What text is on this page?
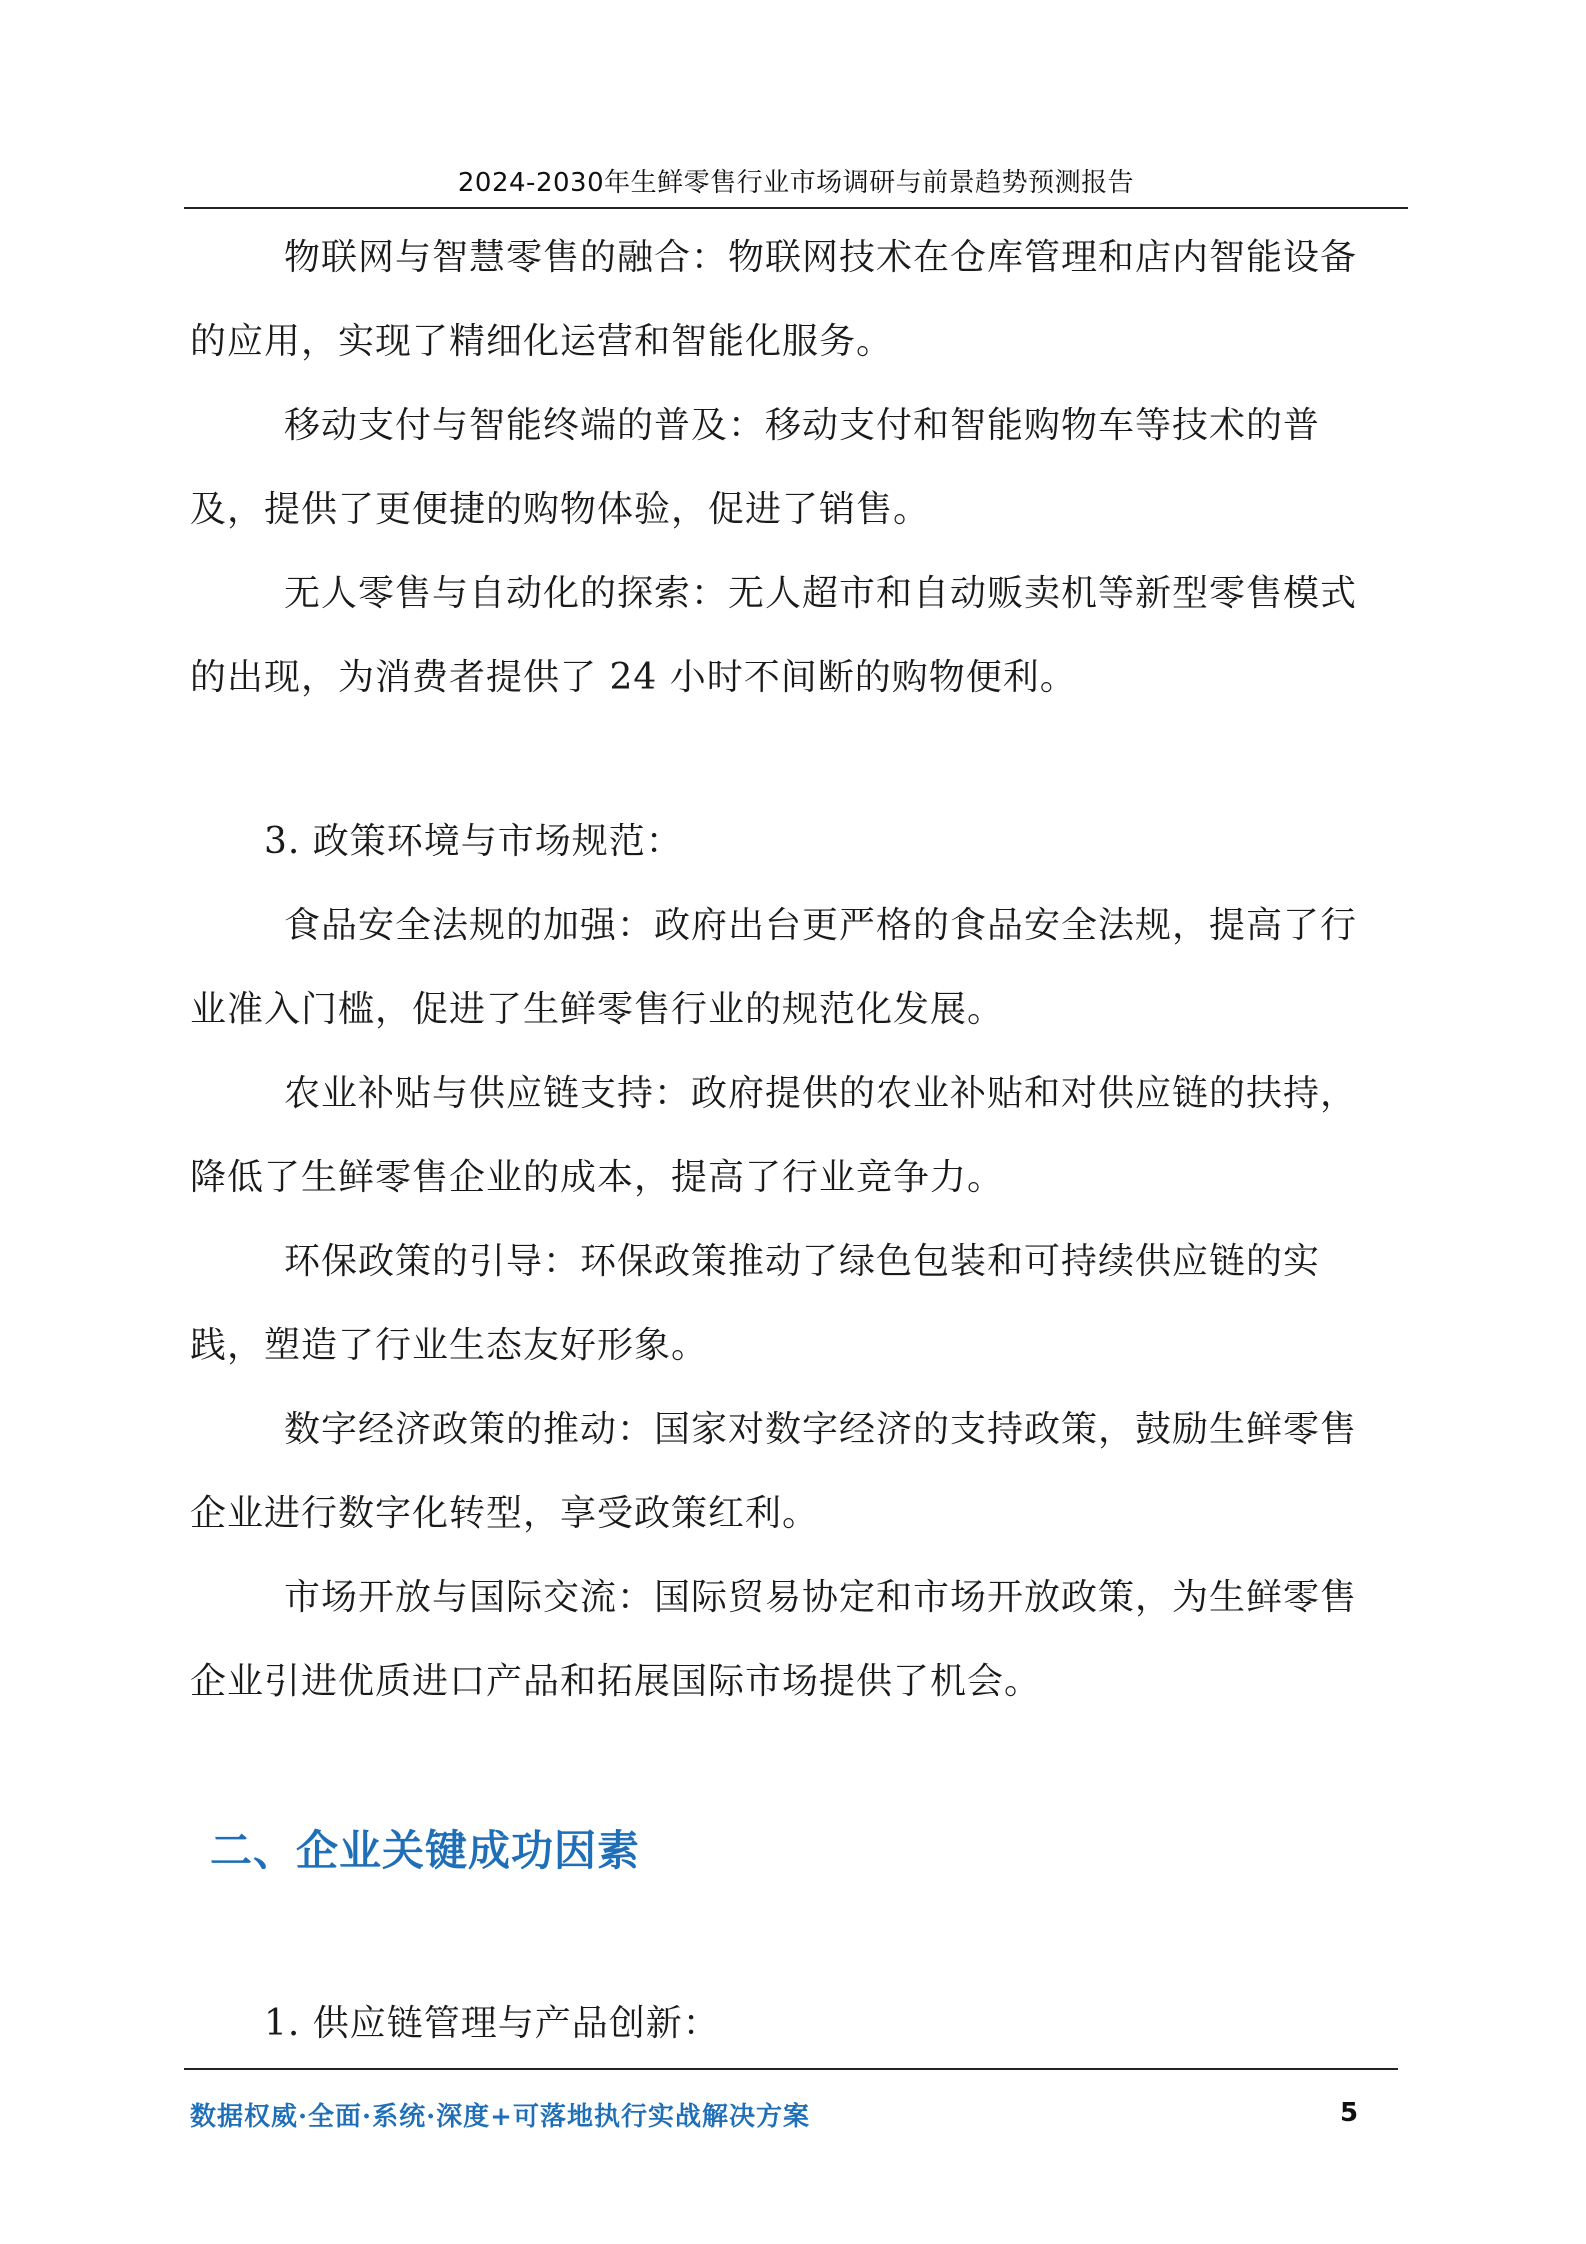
2024-2030年生鲜零售行业市场调研与前景趋势预测报告

物联网与智慧零售的融合：物联网技术在仓库管理和店内智能设备的应用，实现了精细化运营和智能化服务。

移动支付与智能终端的普及：移动支付和智能购物车等技术的普及，提供了更便捷的购物体验，促进了销售。

无人零售与自动化的探索：无人超市和自动贩卖机等新型零售模式的出现，为消费者提供了 24 小时不间断的购物便利。

3. 政策环境与市场规范：

食品安全法规的加强：政府出台更严格的食品安全法规，提高了行业准入门槛，促进了生鲜零售行业的规范化发展。

农业补贴与供应链支持：政府提供的农业补贴和对供应链的扶持，降低了生鲜零售企业的成本，提高了行业竞争力。

环保政策的引导：环保政策推动了绿色包装和可持续供应链的实践，塑造了行业生态友好形象。

数字经济政策的推动：国家对数字经济的支持政策，鼓励生鲜零售企业进行数字化转型，享受政策红利。

市场开放与国际交流：国际贸易协定和市场开放政策，为生鲜零售企业引进优质进口产品和拓展国际市场提供了机会。

二、企业关键成功因素

1. 供应链管理与产品创新：

数据权威·全面·系统·深度+可落地执行实战解决方案	5
